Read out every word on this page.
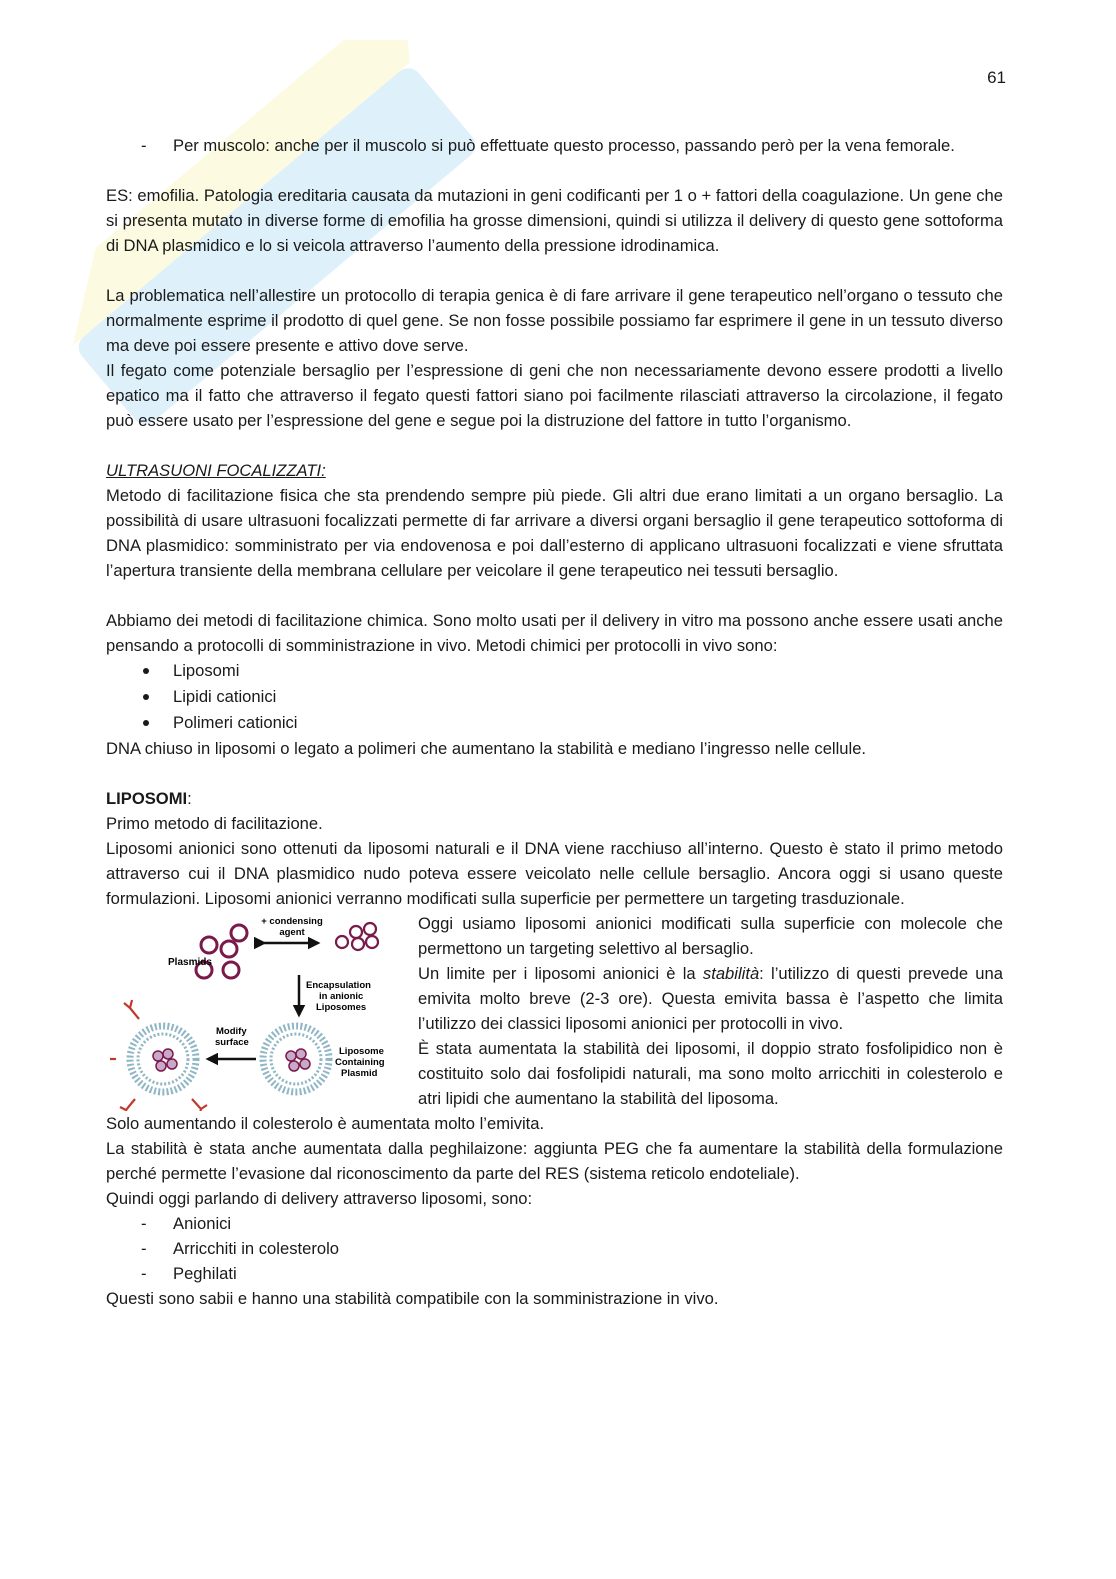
61
- Per muscolo: anche per il muscolo si può effettuate questo processo, passando però per la vena femorale.

ES: emofilia. Patologia ereditaria causata da mutazioni in geni codificanti per 1 o + fattori della coagulazione. Un gene che si presenta mutato in diverse forme di emofilia ha grosse dimensioni, quindi si utilizza il delivery di questo gene sottoforma di DNA plasmidico e lo si veicola attraverso l’aumento della pressione idrodinamica.

La problematica nell’allestire un protocollo di terapia genica è di fare arrivare il gene terapeutico nell’organo o tessuto che normalmente esprime il prodotto di quel gene. Se non fosse possibile possiamo far esprimere il gene in un tessuto diverso ma deve poi essere presente e attivo dove serve.

Il fegato come potenziale bersaglio per l’espressione di geni che non necessariamente devono essere prodotti a livello epatico ma il fatto che attraverso il fegato questi fattori siano poi facilmente rilasciati attraverso la circolazione, il fegato può essere usato per l’espressione del gene e segue poi la distruzione del fattore in tutto l’organismo.

ULTRASUONI FOCALIZZATI:

Metodo di facilitazione fisica che sta prendendo sempre più piede. Gli altri due erano limitati a un organo bersaglio. La possibilità di usare ultrasuoni focalizzati permette di far arrivare a diversi organi bersaglio il gene terapeutico sottoforma di DNA plasmidico: somministrato per via endovenosa e poi dall’esterno di applicano ultrasuoni focalizzati e viene sfruttata l’apertura transiente della membrana cellulare per veicolare il gene terapeutico nei tessuti bersaglio.

Abbiamo dei metodi di facilitazione chimica. Sono molto usati per il delivery in vitro ma possono anche essere usati anche pensando a protocolli di somministrazione in vivo. Metodi chimici per protocolli in vivo sono:

Liposomi
Lipidi cationici
Polimeri cationici

DNA chiuso in liposomi o legato a polimeri che aumentano la stabilità e mediano l’ingresso nelle cellule.

LIPOSOMI:

Primo metodo di facilitazione.

Liposomi anionici sono ottenuti da liposomi naturali e il DNA viene racchiuso all’interno. Questo è stato il primo metodo attraverso cui il DNA plasmidico nudo poteva essere veicolato nelle cellule bersaglio. Ancora oggi si usano queste formulazioni. Liposomi anionici verranno modificati sulla superficie per permettere un targeting trasduzionale.

Plasmids
+ condensing
agent
Encapsulation
in anionic
Liposomes
Liposome
Containing
Plasmid
Modify
surface

Oggi usiamo liposomi anionici modificati sulla superficie con molecole che permettono un targeting selettivo al bersaglio.

Un limite per i liposomi anionici è la stabilità: l’utilizzo di questi prevede una emivita molto breve (2-3 ore). Questa emivita bassa è l’aspetto che limita l’utilizzo dei classici liposomi anionici per protocolli in vivo.

È stata aumentata la stabilità dei liposomi, il doppio strato fosfolipidico non è costituito solo dai fosfolipidi naturali, ma sono molto arricchiti in colesterolo e atri lipidi che aumentano la stabilità del liposoma.

Solo aumentando il colesterolo è aumentata molto l’emivita.

La stabilità è stata anche aumentata dalla peghilaizone: aggiunta PEG che fa aumentare la stabilità della formulazione perché permette l’evasione dal riconoscimento da parte del RES (sistema reticolo endoteliale).

Quindi oggi parlando di delivery attraverso liposomi, sono:

- Anionici
- Arricchiti in colesterolo
- Peghilati

Questi sono sabii e hanno una stabilità compatibile con la somministrazione in vivo.
